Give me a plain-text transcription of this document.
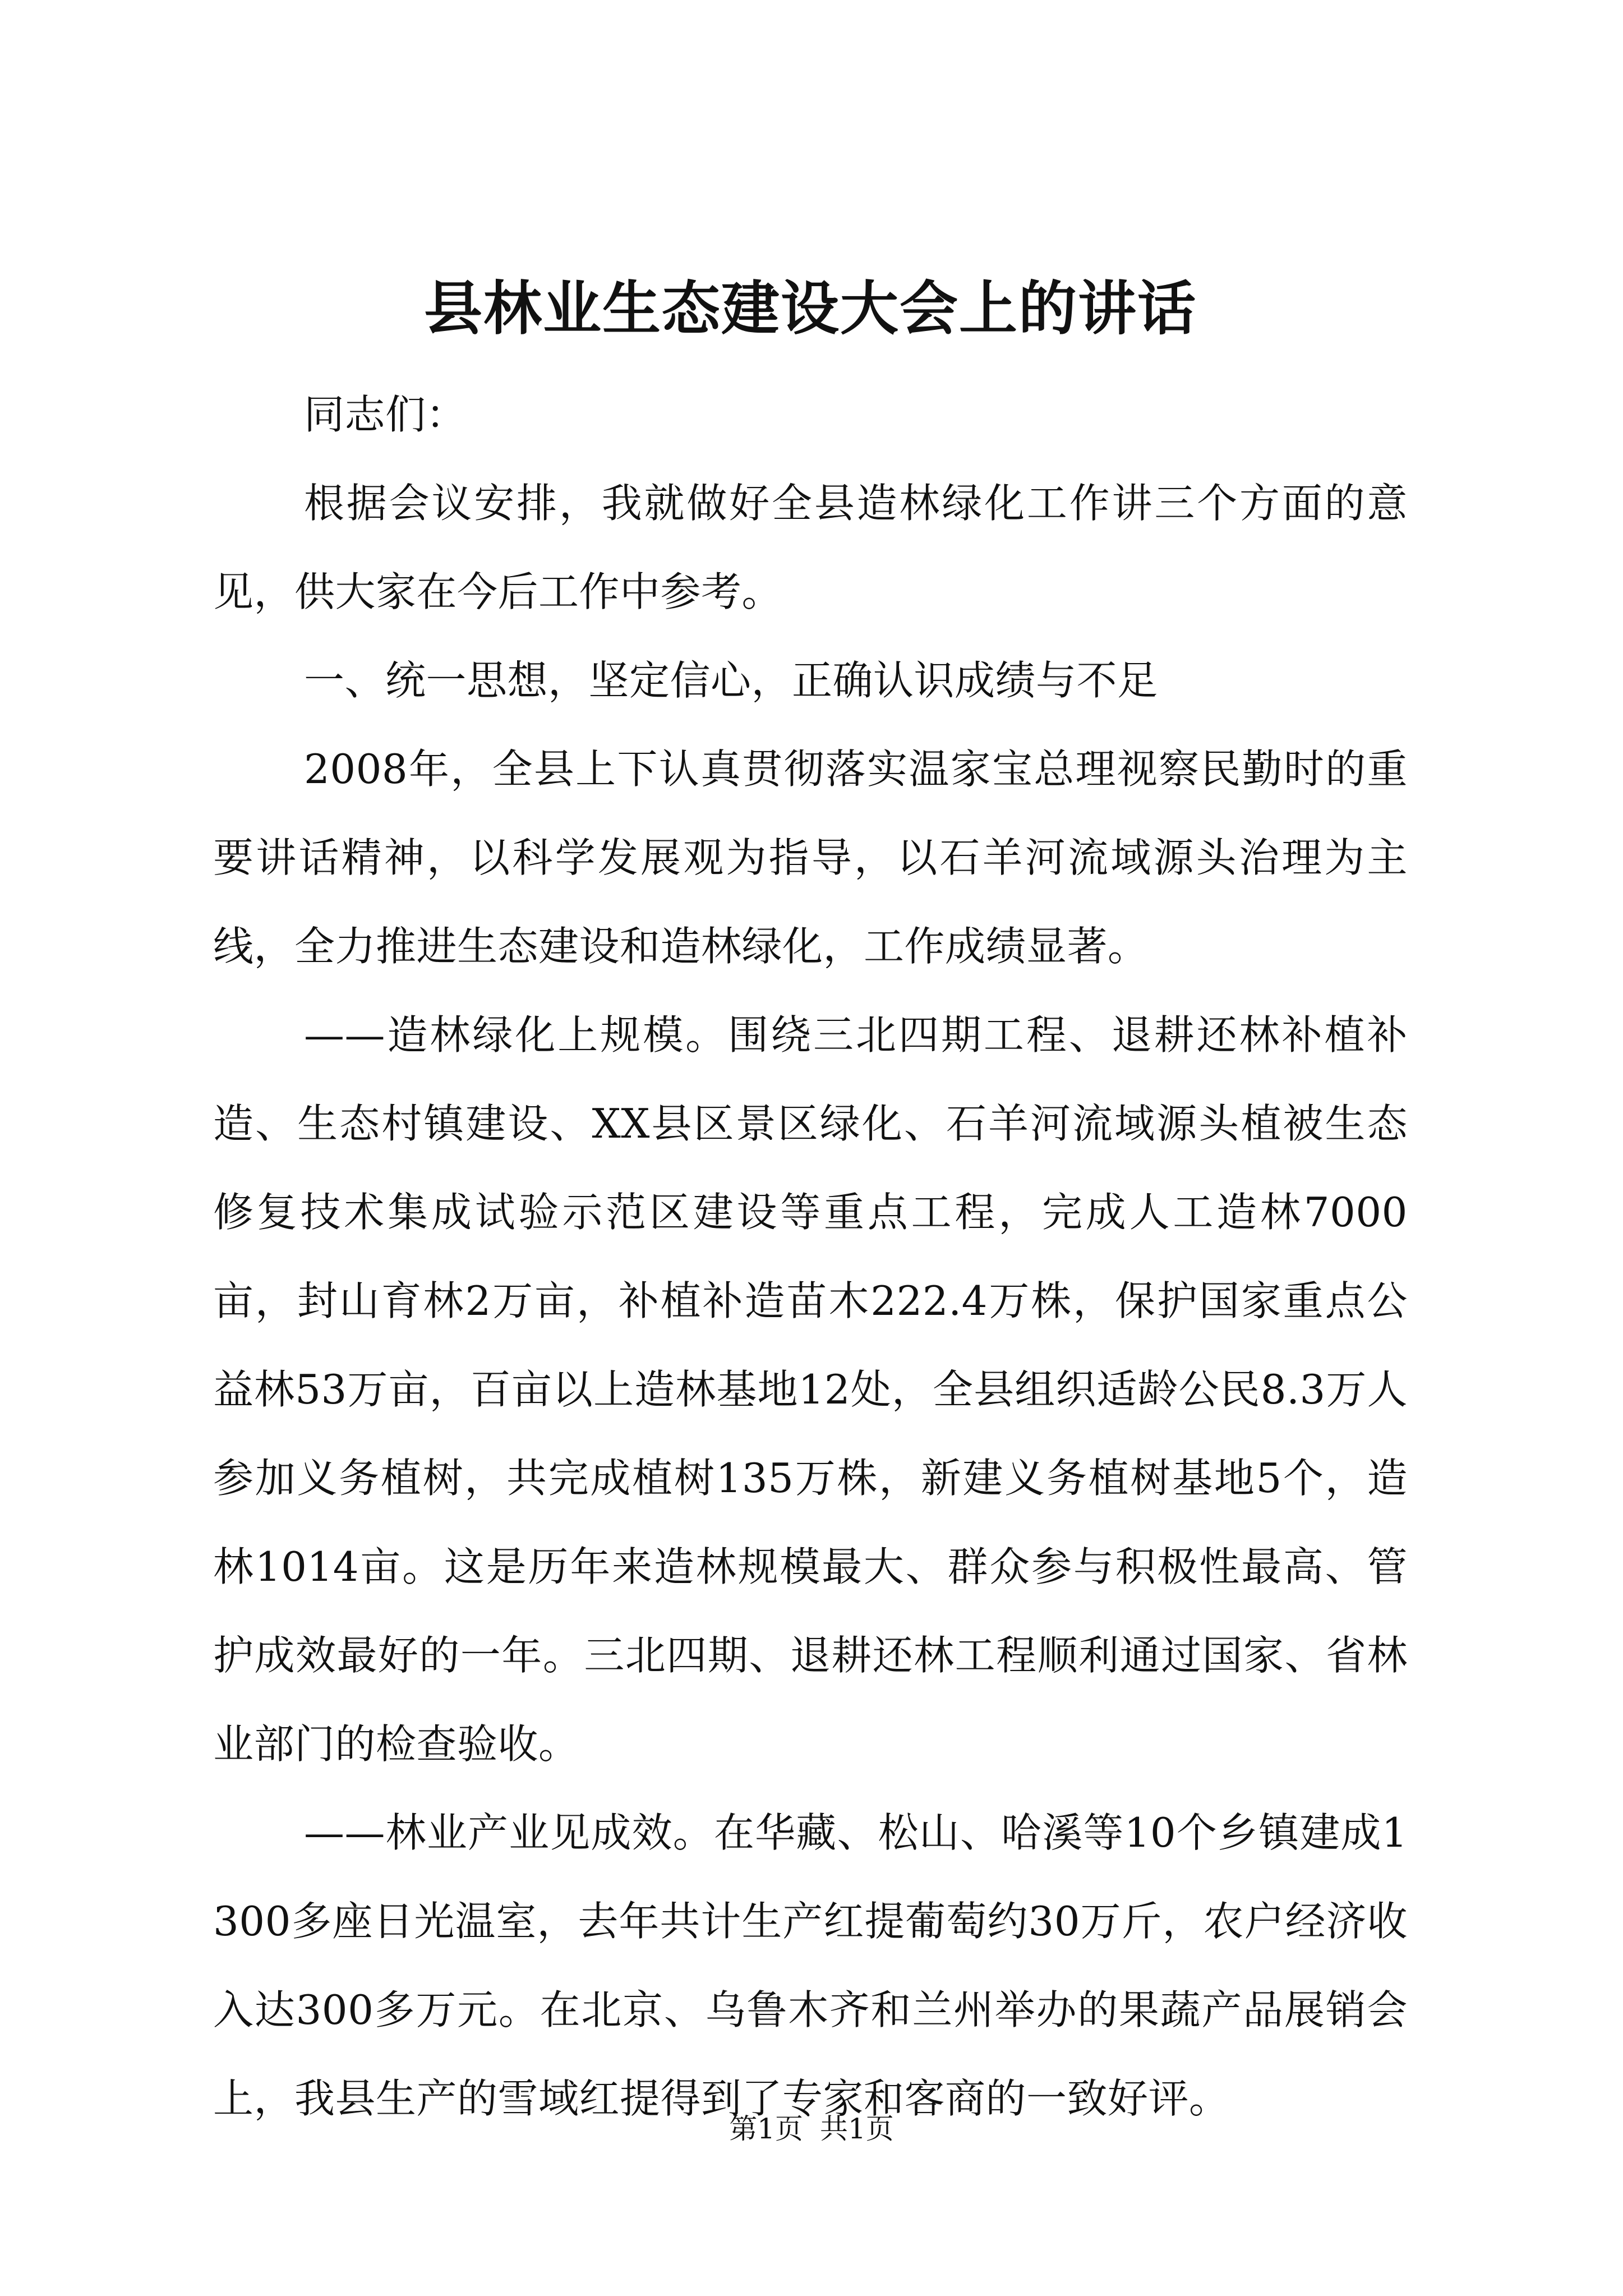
县林业生态建设大会上的讲话

同志们：

根据会议安排，我就做好全县造林绿化工作讲三个方面的意见，供大家在今后工作中参考。

一、统一思想，坚定信心，正确认识成绩与不足

2008年，全县上下认真贯彻落实温家宝总理视察民勤时的重要讲话精神，以科学发展观为指导，以石羊河流域源头治理为主线，全力推进生态建设和造林绿化，工作成绩显著。

——造林绿化上规模。围绕三北四期工程、退耕还林补植补造、生态村镇建设、XX县区景区绿化、石羊河流域源头植被生态修复技术集成试验示范区建设等重点工程，完成人工造林7000亩，封山育林2万亩，补植补造苗木222.4万株，保护国家重点公益林53万亩，百亩以上造林基地12处，全县组织适龄公民8.3万人参加义务植树，共完成植树135万株，新建义务植树基地5个，造林1014亩。这是历年来造林规模最大、群众参与积极性最高、管护成效最好的一年。三北四期、退耕还林工程顺利通过国家、省林业部门的检查验收。

——林业产业见成效。在华藏、松山、哈溪等10个乡镇建成1300多座日光温室，去年共计生产红提葡萄约30万斤，农户经济收入达300多万元。在北京、乌鲁木齐和兰州举办的果蔬产品展销会上，我县生产的雪域红提得到了专家和客商的一致好评。

第1页 共1页
